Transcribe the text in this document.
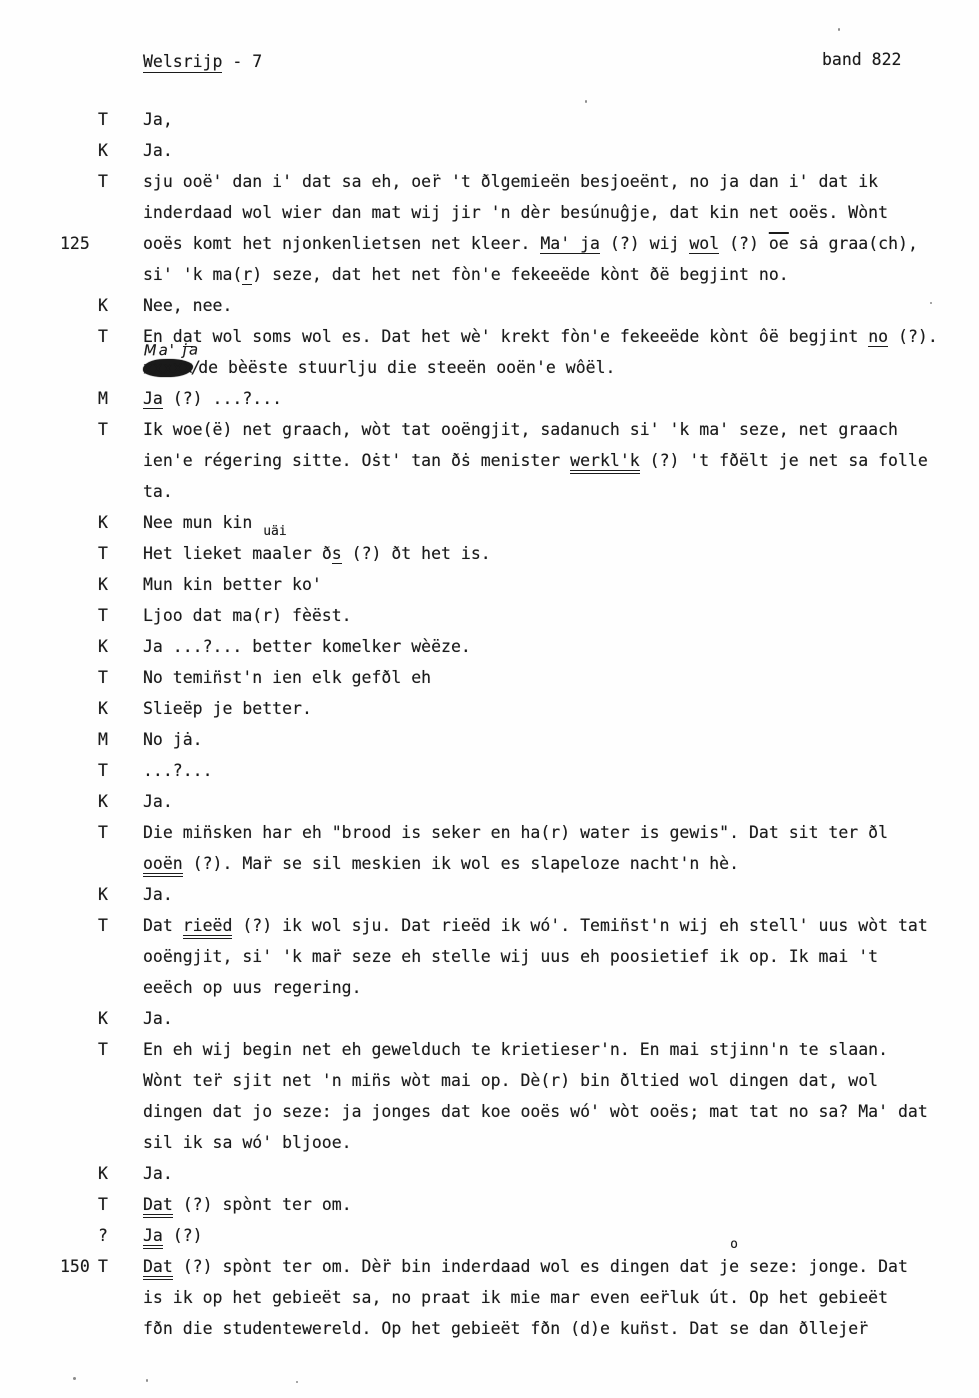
Welsrijp - 7	band 822
T	Ja,
K	Ja.
T	sju ooë' dan i' dat sa eh, oer̈ 't ðlgemieën besjoeënt, no ja dan i' dat ik
inderdaad wol wier dan mat wij jir 'n dèr besúnuĝje, dat kin net ooës. Wònt
125	ooës komt het njonkenlietsen net kleer. Ma' ja (?) wij wol (?) $\overline{oe}$ sȧ graa(ch),
si' 'k ma(r) seze, dat het net fòn'e fekeeëde kònt ðë begjint no.
K	Nee, nee.
T	En dat wol soms wol es. Dat het wè' krekt fòn'e fekeeëde kònt ôë begjint no (?).
Ma' ja
xxxxx/de bèëste stuurlju die steeën ooën'e wôël.
M	Ja (?) ...?...
T	Ik woe(ë) net graach, wòt tat ooëngjit, sadanuch si' 'k ma' seze, net graach
ien'e régering sitte. Oṡt' tan ðṡ menister werkl'k (?) 't fðëlt je net sa folle
ta.
K	Nee mun kin
T	Het lieket m
uäi
aaler ðs (?) ðt het is.
K	Mun kin better ko'
T	Ljoo dat ma(r) fèëst.
K	Ja ...?... better komelker wèëze.
T	No temin̈st'n ien elk gefðl eh
K	Slieëp je better.
M	No jȧ.
T	...?...
K	Ja.
T	Die min̈sken har eh "brood is seker en ha(r) water is gewis". Dat sit ter ðl
ooën (?). Mar̈ se sil meskien ik wol es slapeloze nacht'n hè.
K	Ja.
T	Dat rieëd (?) ik wol sju. Dat rieëd ik wó'. Temin̈st'n wij eh stell' uus wòt tat
ooëngjit, si' 'k mar̈ seze eh stelle wij uus eh poosietief ik op. Ik mai 't
eeëch op uus regering.
K	Ja.
T	En eh wij begin net eh gewelduch te krietieser'n. En mai stjinn'n te slaan.
Wònt ter̈ sjit net 'n min̈s wòt mai op. Dè(r) bin ðltied wol dingen dat, wol
dingen dat jo seze: ja jonges dat koe ooës wó' wòt ooës; mat tat no sa? Ma' dat
sil ik sa wó' bljooe.
K	Ja.
T	Dat (?) spònt ter om.
?	Ja (?)
150 T	Dat (?) spònt ter om. Dèr̈ bin inderdaad wol es dingen dat j
o
e seze: jonge. Dat
is ik op het gebieët sa, no praat ik mie mar even eer̈luk út. Op het gebieët
fðn die studentewereld. Op het gebieët fðn (d)e kun̈st. Dat se dan ðllejer̈
